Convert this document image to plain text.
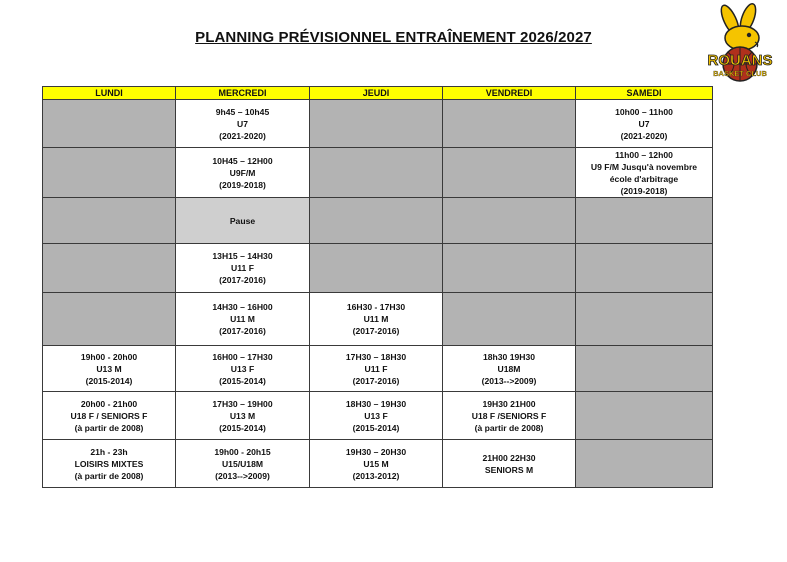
PLANNING PRÉVISIONNEL ENTRAÎNEMENT 2026/2027
ROUANS
BASKET CLUB
LUNDI	MERCREDI	JEUDI	VENDREDI	SAMEDI

	9h45 – 10h45
U7
(2021-2020)			10h00 – 11h00
U7
(2021-2020)

	10H45 – 12H00
U9F/M
(2019-2018)			11h00 – 12h00
U9 F/M Jusqu'à novembre
école d'arbitrage
(2019-2018)

	Pause			

	13H15 – 14H30
U11 F
(2017-2016)			

	14H30 – 16H00
U11 M
(2017-2016)	16H30 - 17H30
U11 M
(2017-2016)		

19h00 - 20h00
U13 M
(2015-2014)	16H00 – 17H30
U13 F
(2015-2014)	17H30 – 18H30
U11 F
(2017-2016)	18h30 19H30
U18M
(2013-->2009)	

20h00 - 21h00
U18 F / SENIORS F
(à partir de 2008)	17H30 – 19H00
U13 M
(2015-2014)	18H30 – 19H30
U13 F
(2015-2014)	19H30 21H00
U18 F /SENIORS F
(à partir de 2008)	

21h - 23h
LOISIRS MIXTES
(à partir de 2008)	19h00 - 20h15
U15/U18M
(2013-->2009)	19H30 – 20H30
U15 M
(2013-2012)	21H00 22H30
SENIORS M	
